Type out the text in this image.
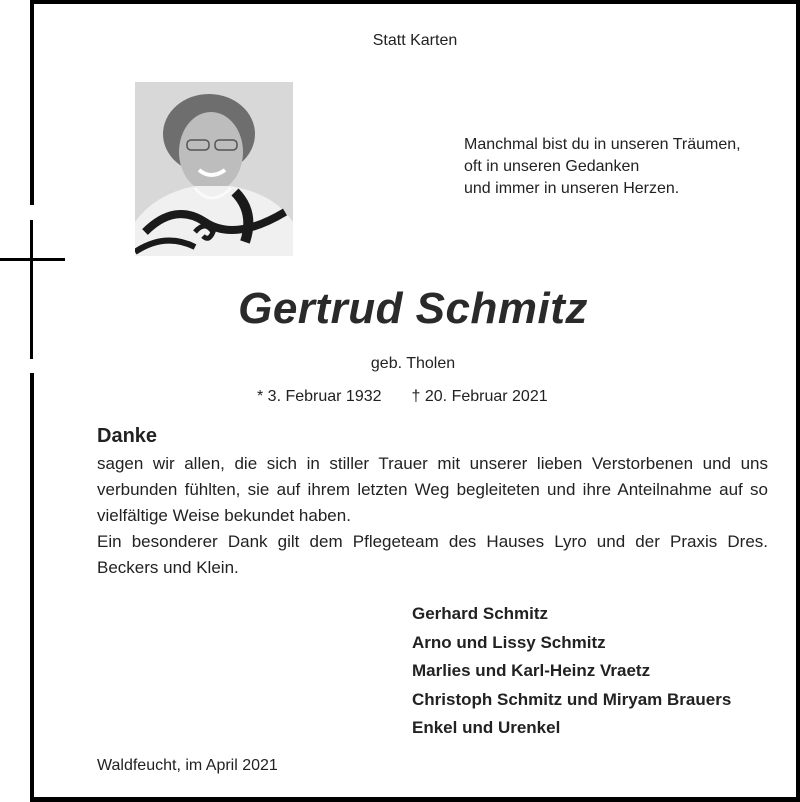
Statt Karten
Manchmal bist du in unseren Träumen,
oft in unseren Gedanken
und immer in unseren Herzen.
Gertrud Schmitz
geb. Tholen
* 3. Februar 1932 † 20. Februar 2021
Danke

sagen wir allen, die sich in stiller Trauer mit unserer lieben Verstorbenen und uns verbunden fühlten, sie auf ihrem letzten Weg begleiteten und ihre Anteilnahme auf so vielfältige Weise bekundet haben.

Ein besonderer Dank gilt dem Pflegeteam des Hauses Lyro und der Praxis Dres. Beckers und Klein.

Gerhard Schmitz
Arno und Lissy Schmitz
Marlies und Karl-Heinz Vraetz
Christoph Schmitz und Miryam Brauers
Enkel und Urenkel
Waldfeucht, im April 2021
